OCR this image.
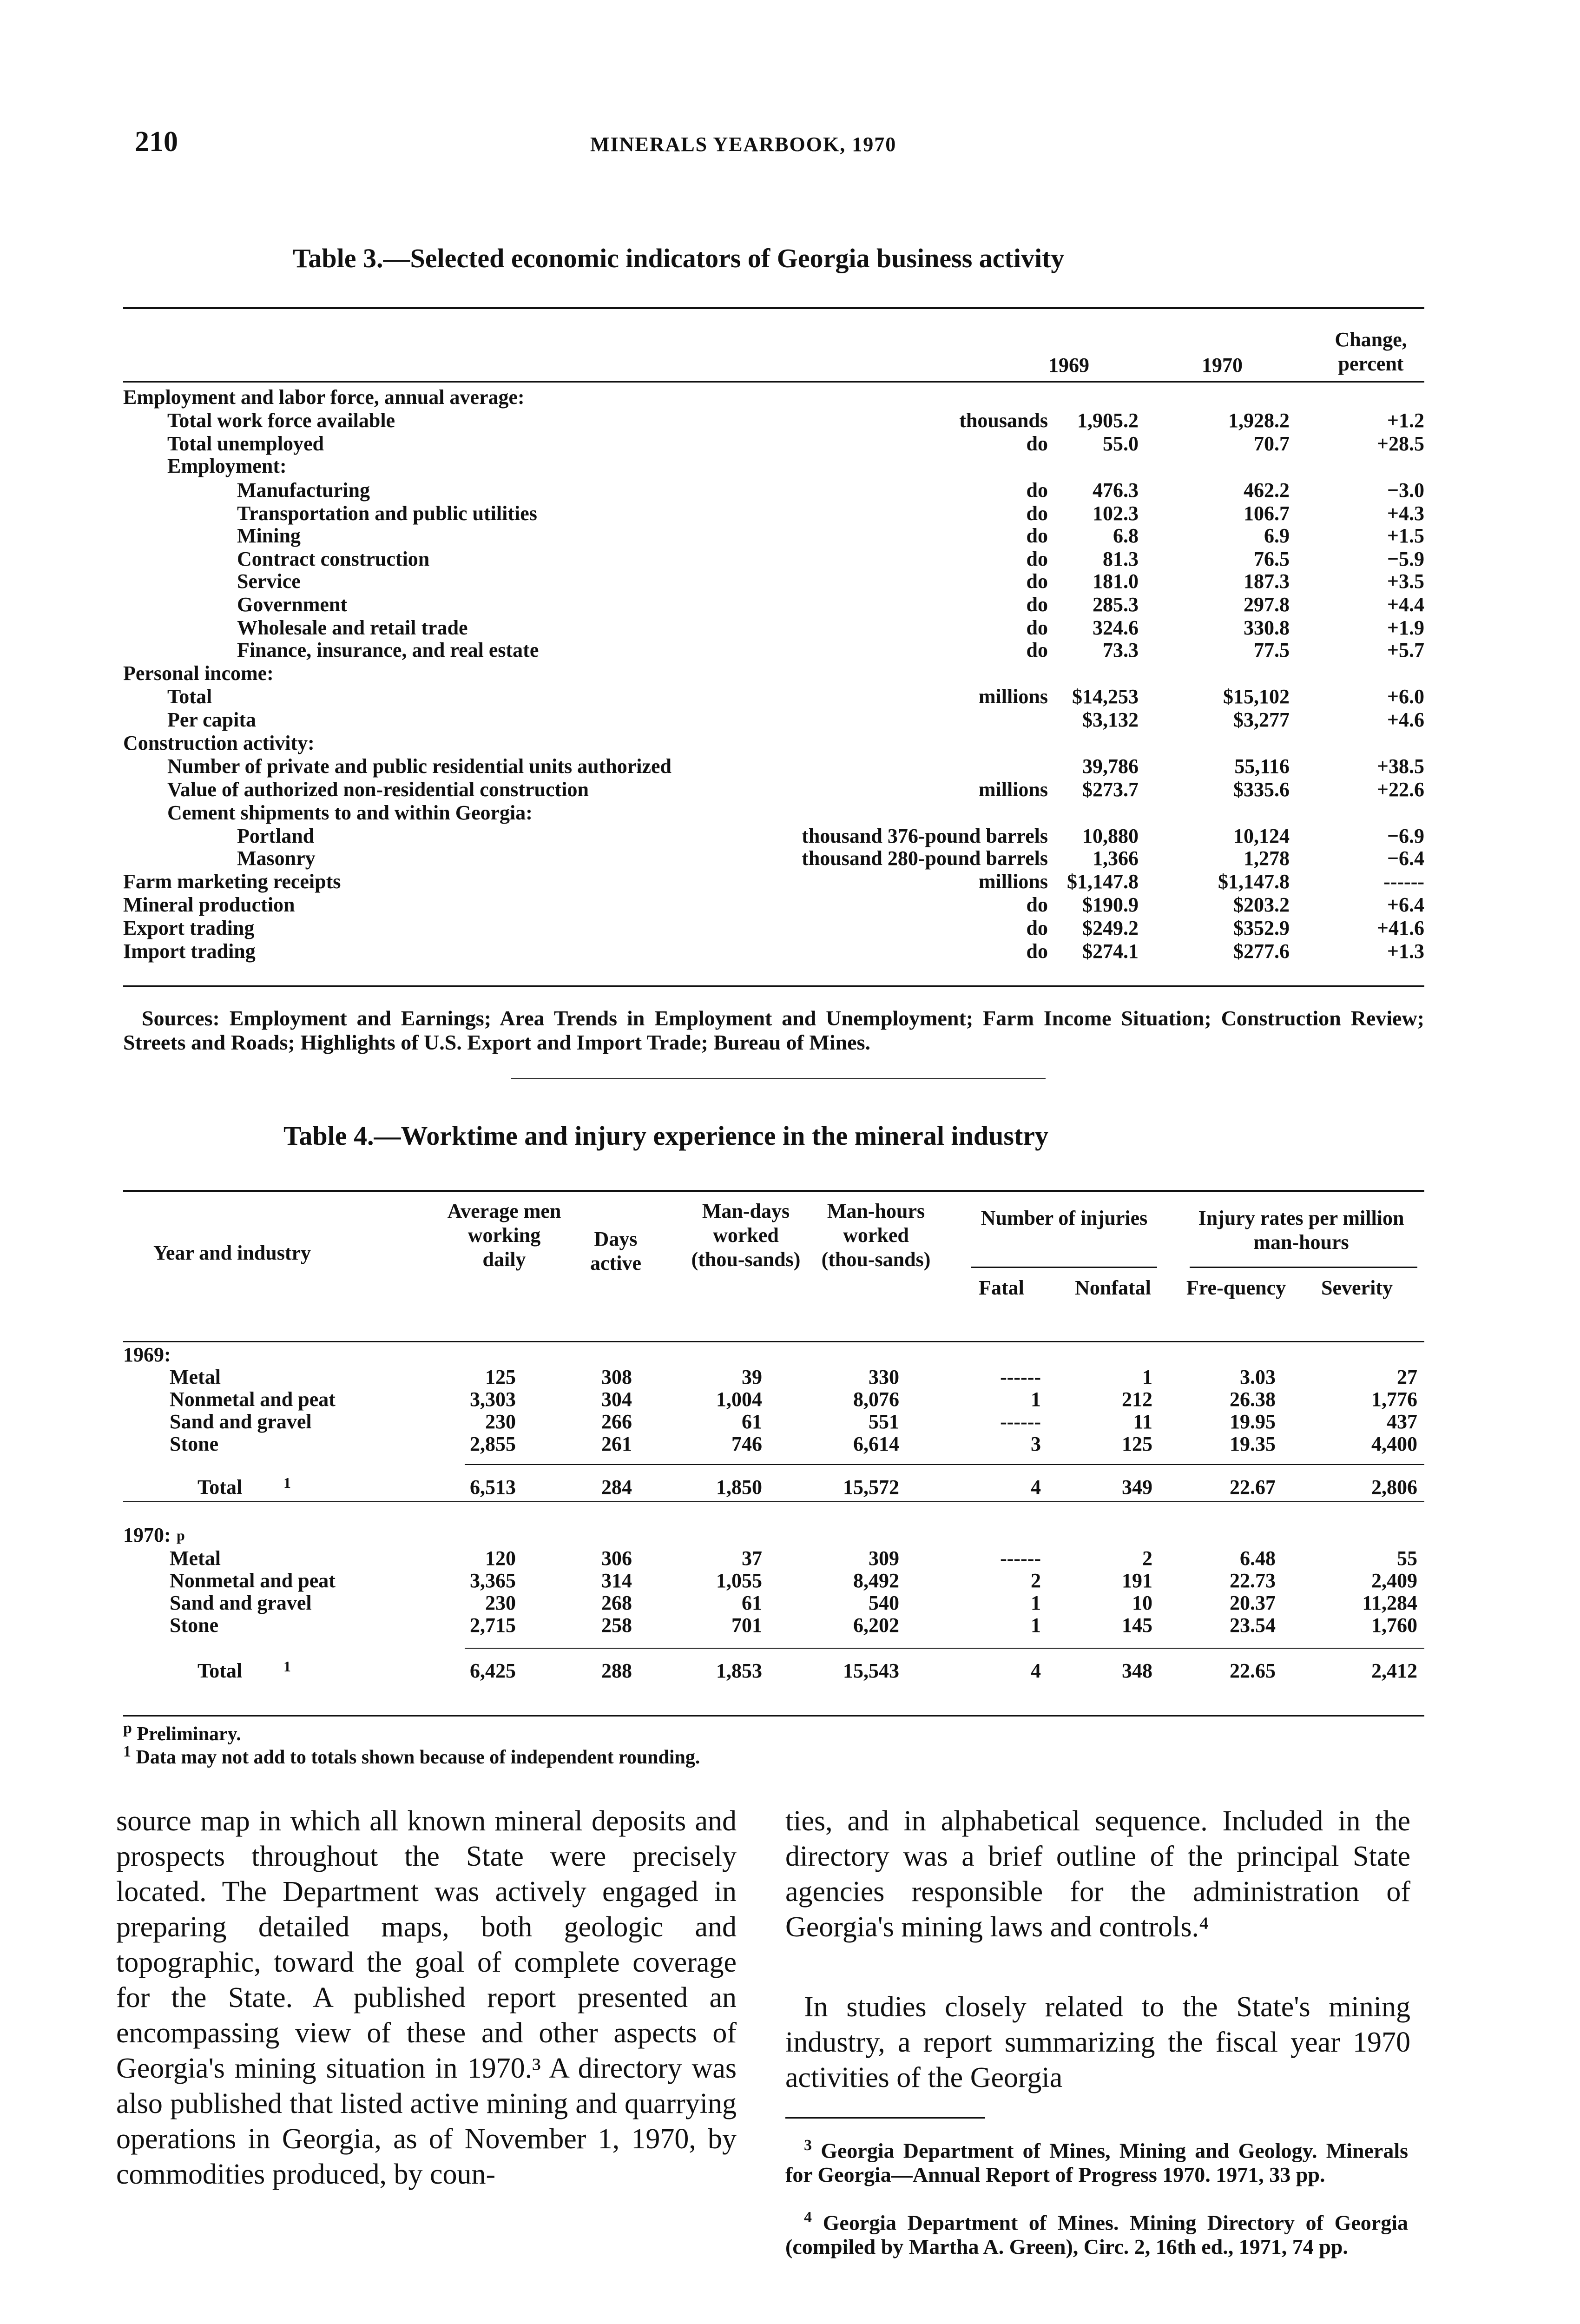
210	MINERALS YEARBOOK, 1970
Table 3.—Selected economic indicators of Georgia business activity
1969	1970
Change, percent
Employment and labor force, annual average:
Total work force available	thousands 1,905.2	1,928.2	+1.2
Total unemployed	do	55.0	70.7	+28.5
Employment:
Manufacturing	do 476.3	462.2	−3.0
Transportation and public utilities	do 102.3	106.7	+4.3
Mining	do	6.8	6.9	+1.5
Contract construction	do	81.3	76.5	−5.9
Service	do 181.0	187.3	+3.5
Government	do 285.3	297.8	+4.4
Wholesale and retail trade	do 324.6	330.8	+1.9
Finance, insurance, and real estate	do	73.3	77.5	+5.7
Personal income:
Total	millions $14,253	$15,102	+6.0
Per capita	$3,132	$3,277	+4.6
Construction activity:
Number of private and public residential units authorized	39,786	55,116	+38.5
Value of authorized non-residential construction	millions $273.7	$335.6	+22.6
Cement shipments to and within Georgia:
Portland	thousand 376-pound barrels 10,880	10,124	−6.9
Masonry	thousand 280-pound barrels 1,366	1,278	−6.4
Farm marketing receipts	millions $1,147.8	$1,147.8	------
Mineral production	do $190.9	$203.2	+6.4
Export trading	do $249.2	$352.9	+41.6
Import trading	do $274.1	$277.6	+1.3
Sources: Employment and Earnings; Area Trends in Employment and Unemployment; Farm Income Situation; Construction Review; Streets and Roads; Highlights of U.S. Export and Import Trade; Bureau of Mines.
Table 4.—Worktime and injury experience in the mineral industry
Year and industry
Average men working daily
Days active
Man-days worked (thou-sands)
Man-hours worked (thou-sands)
Number of injuries
Fatal	Nonfatal
Injury rates per million man-hours
Fre-quency	Severity
1969:
Metal	125	308	39	330	------	1	3.03	27
Nonmetal and peat	3,303	304	1,004	8,076	1	212	26.38	1,776
Sand and gravel	230	266	61	551	------	11	19.95	437
Stone	2,855	261	746	6,614	3	125	19.35	4,400
Total	1	6,513	284	1,850	15,572	4	349	22.67	2,806
1970: p
Metal	120	306	37	309	------	2	6.48	55
Nonmetal and peat	3,365	314	1,055	8,492	2	191	22.73	2,409
Sand and gravel	230	268	61	540	1	10	20.37	11,284
Stone	2,715	258	701	6,202	1	145	23.54	1,760
Total	1	6,425	288	1,853	15,543	4	348	22.65	2,412
$^p$ Preliminary.
$^1$ Data may not add to totals shown because of independent rounding.
source map in which all known mineral deposits and prospects throughout the State were precisely located. The Department was actively engaged in preparing detailed maps, both geologic and topographic, toward the goal of complete coverage for the State. A published report presented an encompassing view of these and other aspects of Georgia's mining situation in 1970.³ A directory was also published that listed active mining and quarrying operations in Georgia, as of November 1, 1970, by commodities produced, by coun-
ties, and in alphabetical sequence. Included in the directory was a brief outline of the principal State agencies responsible for the administration of Georgia's mining laws and controls.⁴
In studies closely related to the State's mining industry, a report summarizing the fiscal year 1970 activities of the Georgia
$^3$ Georgia Department of Mines, Mining and Geology. Minerals for Georgia—Annual Report of Progress 1970. 1971, 33 pp.
$^4$ Georgia Department of Mines. Mining Directory of Georgia (compiled by Martha A. Green), Circ. 2, 16th ed., 1971, 74 pp.
